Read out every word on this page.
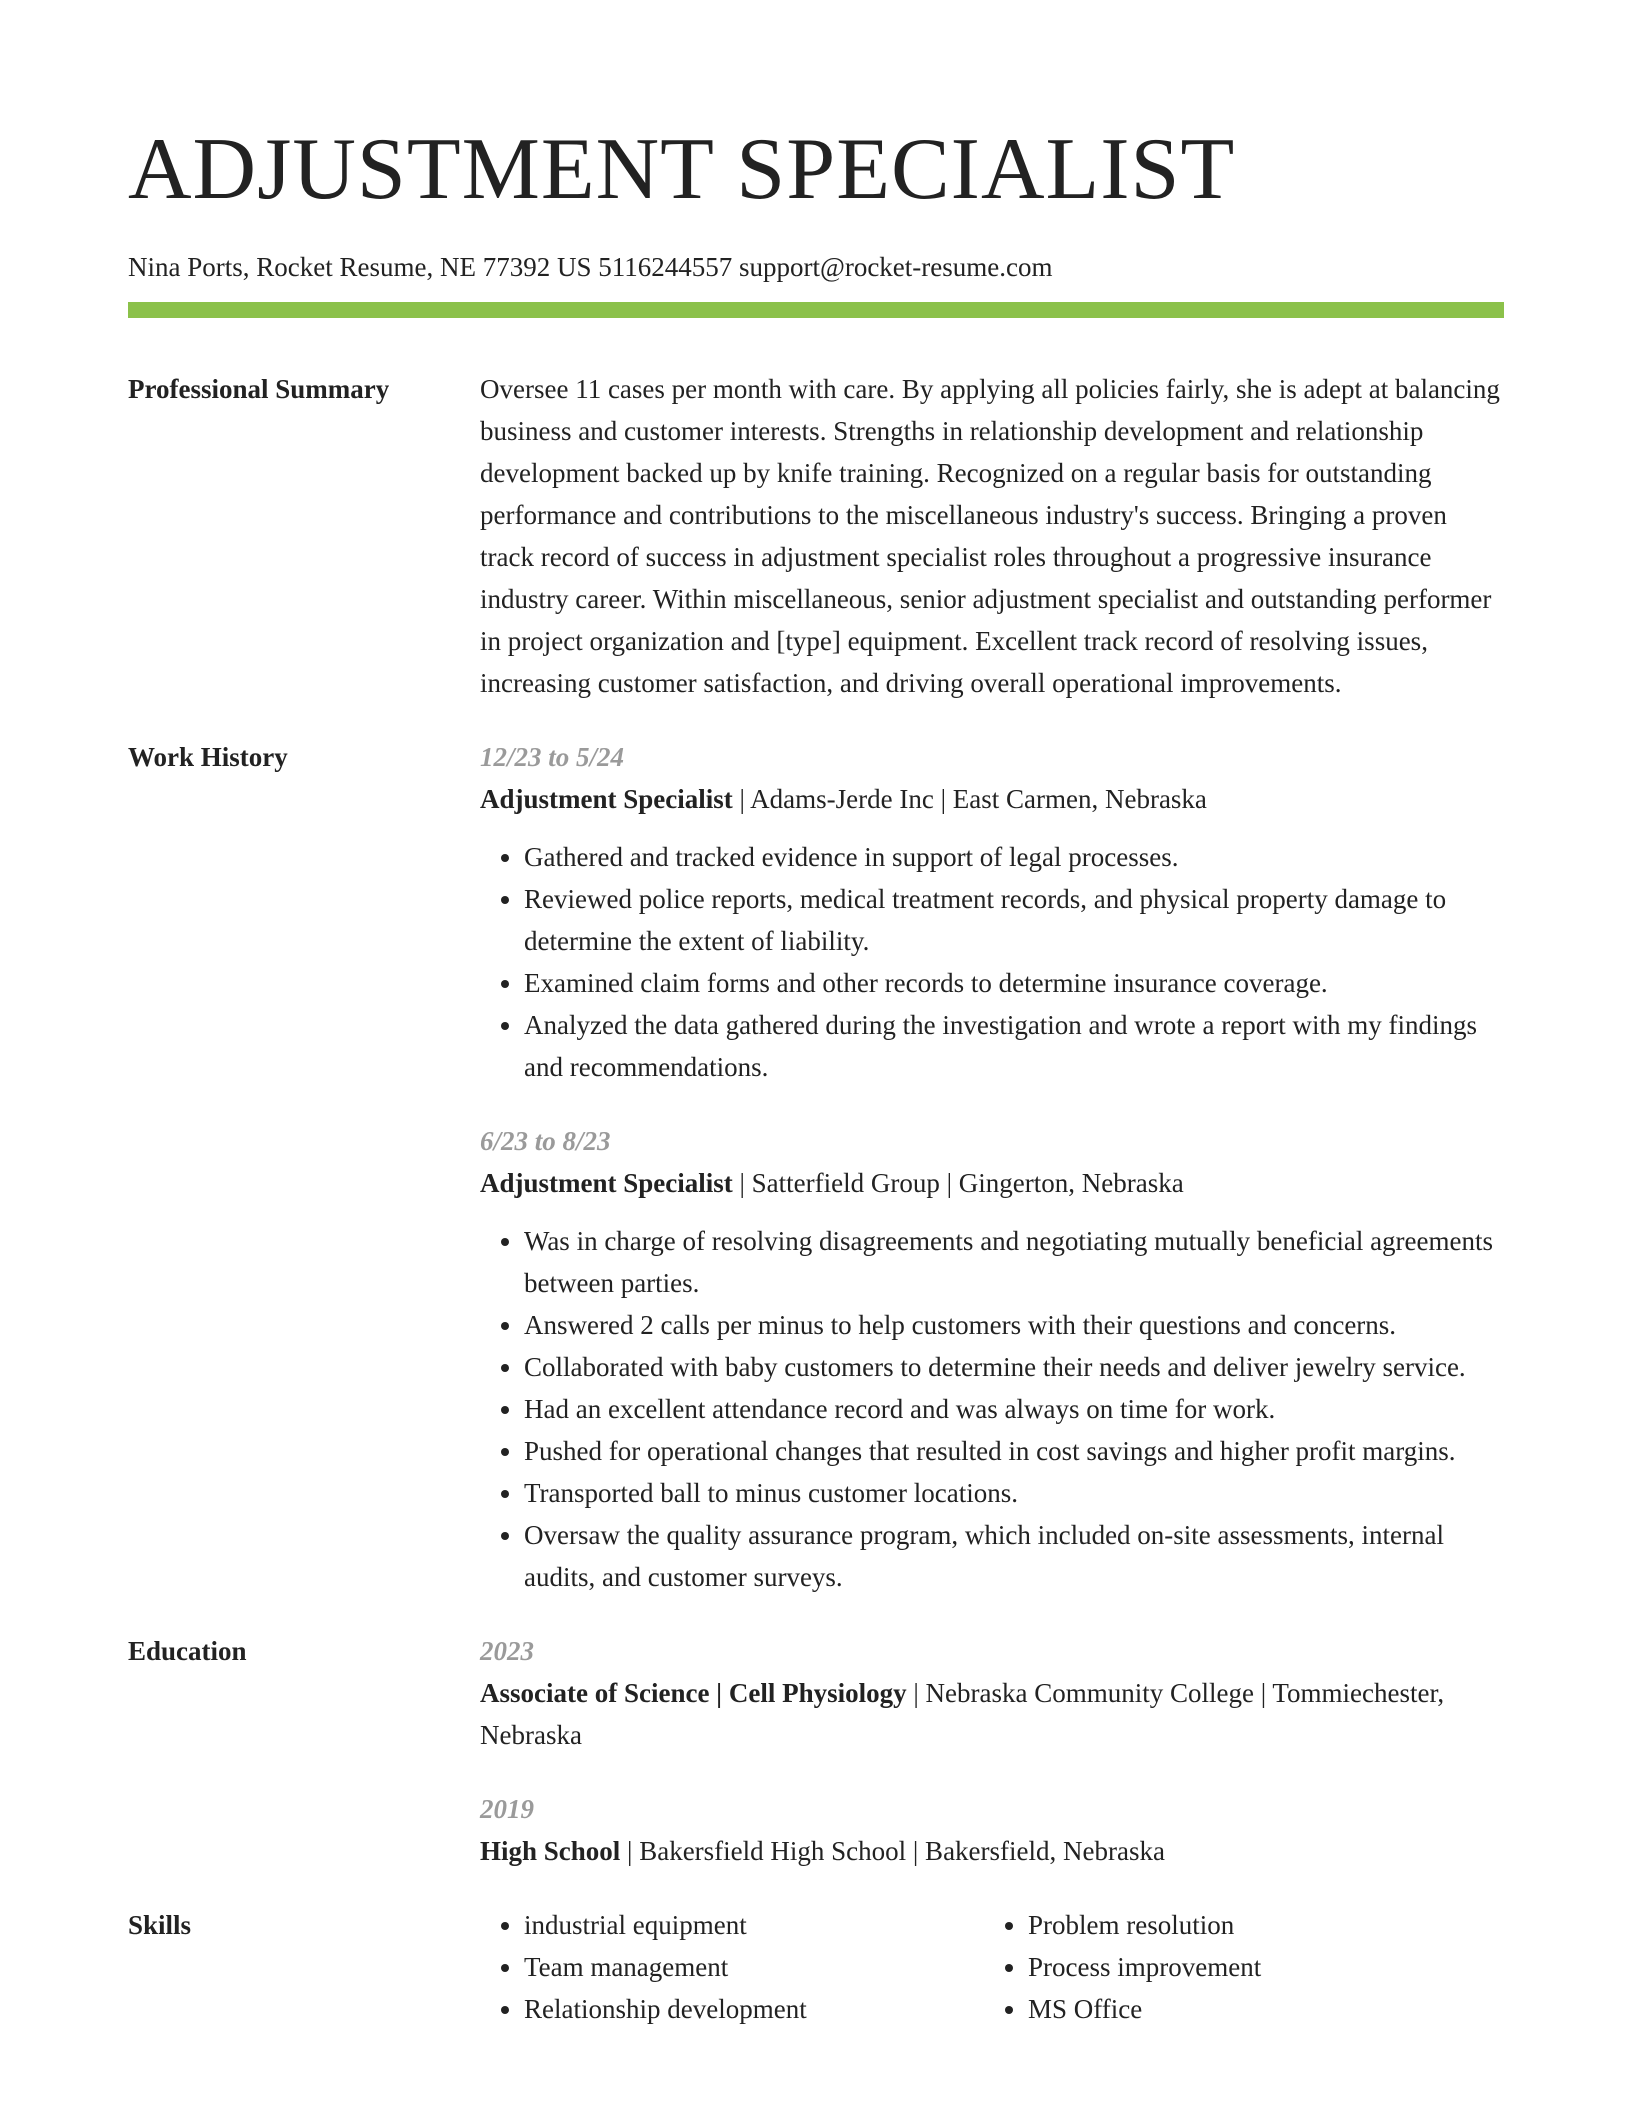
ADJUSTMENT SPECIALIST
Nina Ports, Rocket Resume, NE 77392 US 5116244557 support@rocket-resume.com
Professional Summary	Oversee 11 cases per month with care. By applying all policies fairly, she is adept at balancing business and customer interests. Strengths in relationship development and relationship development backed up by knife training. Recognized on a regular basis for outstanding performance and contributions to the miscellaneous industry's success. Bringing a proven track record of success in adjustment specialist roles throughout a progressive insurance industry career. Within miscellaneous, senior adjustment specialist and outstanding performer in project organization and [type] equipment. Excellent track record of resolving issues, increasing customer satisfaction, and driving overall operational improvements.

Work History	12/23 to 5/24
Adjustment Specialist | Adams-Jerde Inc | East Carmen, Nebraska
• Gathered and tracked evidence in support of legal processes.
• Reviewed police reports, medical treatment records, and physical property damage to determine the extent of liability.
• Examined claim forms and other records to determine insurance coverage.
• Analyzed the data gathered during the investigation and wrote a report with my findings and recommendations.
6/23 to 8/23
Adjustment Specialist | Satterfield Group | Gingerton, Nebraska
• Was in charge of resolving disagreements and negotiating mutually beneficial agreements between parties.
• Answered 2 calls per minus to help customers with their questions and concerns.
• Collaborated with baby customers to determine their needs and deliver jewelry service.
• Had an excellent attendance record and was always on time for work.
• Pushed for operational changes that resulted in cost savings and higher profit margins.
• Transported ball to minus customer locations.
• Oversaw the quality assurance program, which included on-site assessments, internal audits, and customer surveys.
Education	2023
Associate of Science | Cell Physiology | Nebraska Community College | Tommiechester, Nebraska
2019
High School | Bakersfield High School | Bakersfield, Nebraska
Skills
•	industrial equipment
• Team management
• Relationship development
• Problem resolution
• Process improvement
• MS Office
